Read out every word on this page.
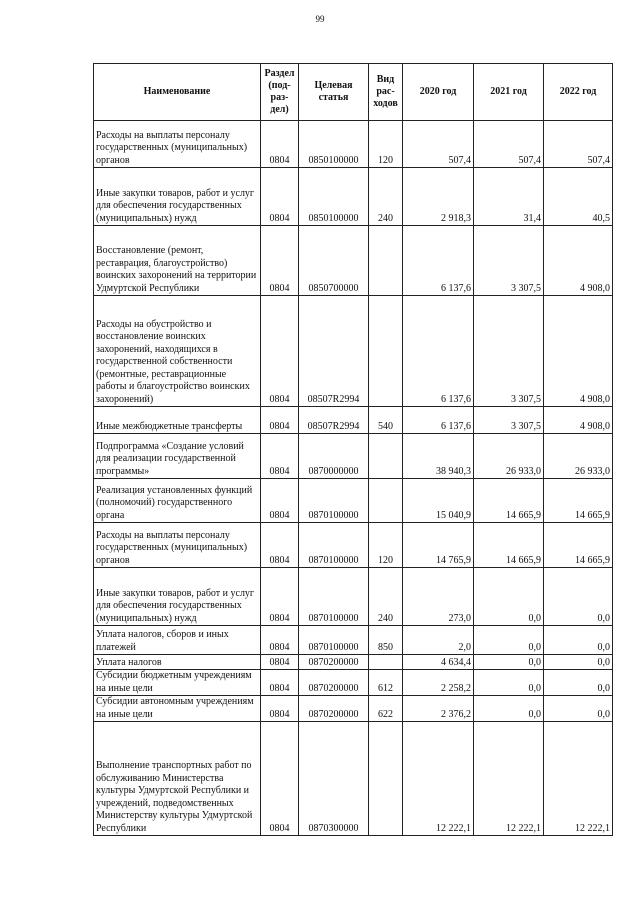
99
Наименование	Раздел (под-раз-дел)	Целевая статья	Вид рас-ходов	2020 год	2021 год	2022 год
Расходы на выплаты персоналу государственных (муниципальных) органов	0804	0850100000	120	507,4	507,4	507,4
Иные закупки товаров, работ и услуг для обеспечения государственных (муниципальных) нужд	0804	0850100000	240	2 918,3	31,4	40,5
Восстановление (ремонт, реставрация, благоустройство) воинских захоронений на территории Удмуртской Республики	0804	0850700000		6 137,6	3 307,5	4 908,0
Расходы на обустройство и восстановление воинских захоронений, находящихся в государственной собственности (ремонтные, реставрационные работы и благоустройство воинских захоронений)	0804	08507R2994		6 137,6	3 307,5	4 908,0
Иные межбюджетные трансферты	0804	08507R2994	540	6 137,6	3 307,5	4 908,0
Подпрограмма «Создание условий для реализации государственной программы»	0804	0870000000		38 940,3	26 933,0	26 933,0
Реализация установленных функций (полномочий) государственного органа	0804	0870100000		15 040,9	14 665,9	14 665,9
Расходы на выплаты персоналу государственных (муниципальных) органов	0804	0870100000	120	14 765,9	14 665,9	14 665,9
Иные закупки товаров, работ и услуг для обеспечения государственных (муниципальных) нужд	0804	0870100000	240	273,0	0,0	0,0
Уплата налогов, сборов и иных платежей	0804	0870100000	850	2,0	0,0	0,0
Уплата налогов	0804	0870200000		4 634,4	0,0	0,0
Субсидии бюджетным учреждениям на иные цели	0804	0870200000	612	2 258,2	0,0	0,0
Субсидии автономным учреждениям на иные цели	0804	0870200000	622	2 376,2	0,0	0,0
Выполнение транспортных работ по обслуживанию Министерства культуры Удмуртской Республики и учреждений, подведомственных Министерству культуры Удмуртской Республики	0804	0870300000		12 222,1	12 222,1	12 222,1
